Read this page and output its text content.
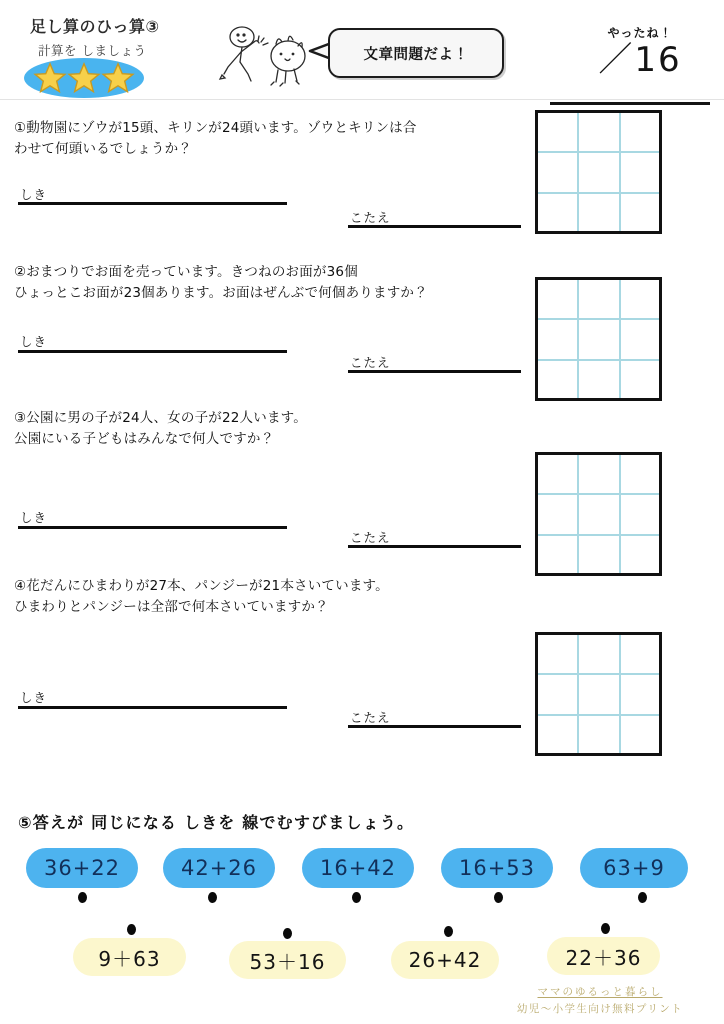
足し算のひっ算③
計算を しましょう	文章問題だよ！
やったね！
／16
①動物園にゾウが15頭、キリンが24頭います。ゾウとキリンは合
わせて何頭いるでしょうか？
しき
こたえ
②おまつりでお面を売っています。きつねのお面が36個
ひょっとこお面が23個あります。お面はぜんぶで何個ありますか？
しき
こたえ
③公園に男の子が24人、女の子が22人います。
公園にいる子どもはみんなで何人ですか？
しき
こたえ
④花だんにひまわりが27本、パンジーが21本さいています。
ひまわりとパンジーは全部で何本さいていますか？
しき
こたえ
⑤答えが 同じになる しきを 線でむすびましょう。
36+22	42+26	16+42	16+53	63+9
9＋63	53＋16	26+42	22＋36
ママのゆるっと暮らし
幼児〜小学生向け無料プリント
